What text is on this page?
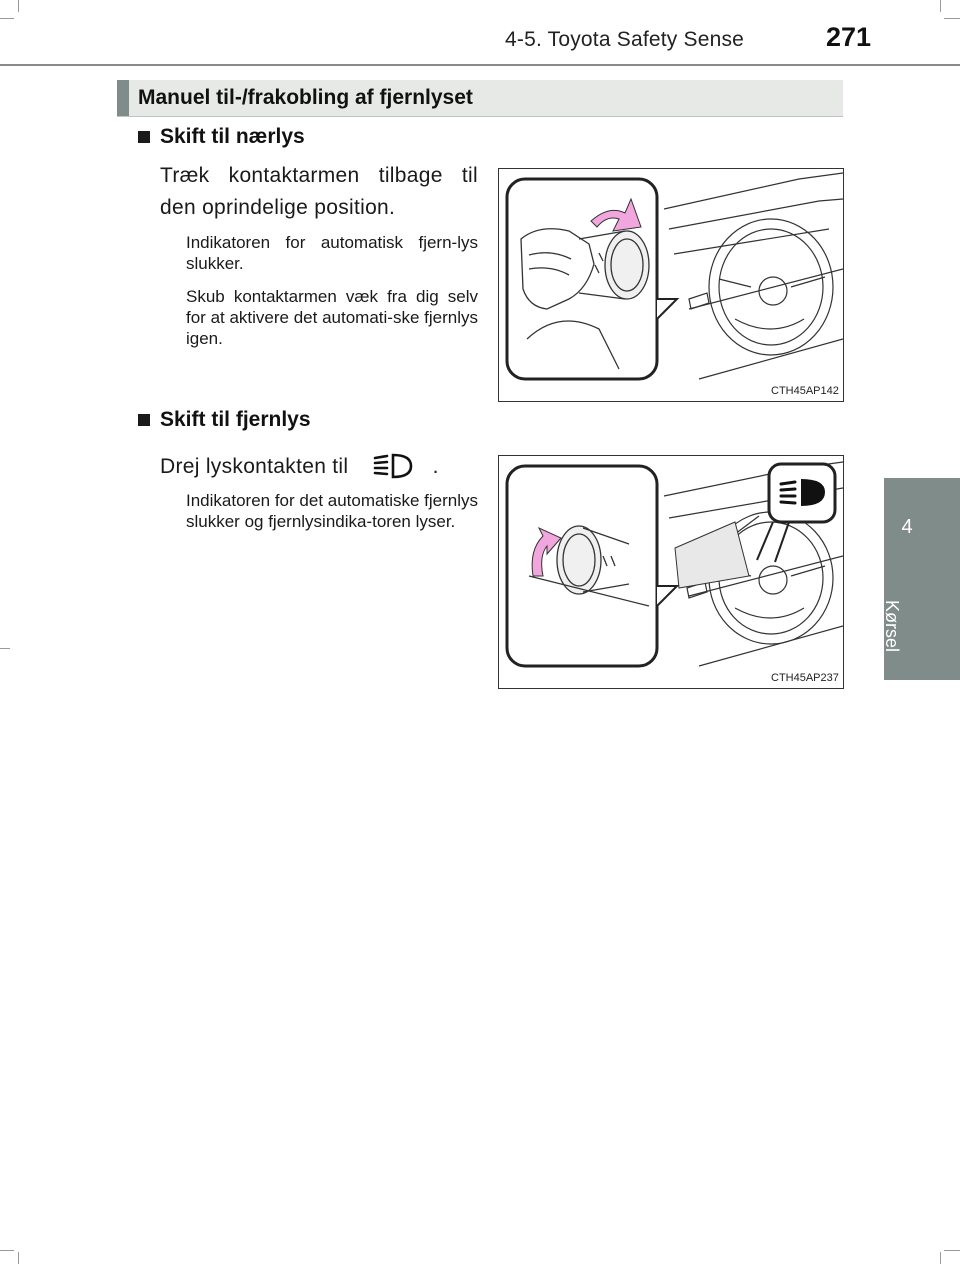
4-5. Toyota Safety Sense	271
4
Kørsel
Manuel til-/frakobling af fjernlyset
Skift til nærlys
Træk kontaktarmen tilbage til den oprindelige position.
Indikatoren for automatisk fjern-lys slukker.
Skub kontaktarmen væk fra dig selv for at aktivere det automati-ske fjernlys igen.
CTH45AP142
Skift til fjernlys
Drej lyskontakten til	.
Indikatoren for det automatiske fjernlys slukker og fjernlysindika-toren lyser.
CTH45AP237
